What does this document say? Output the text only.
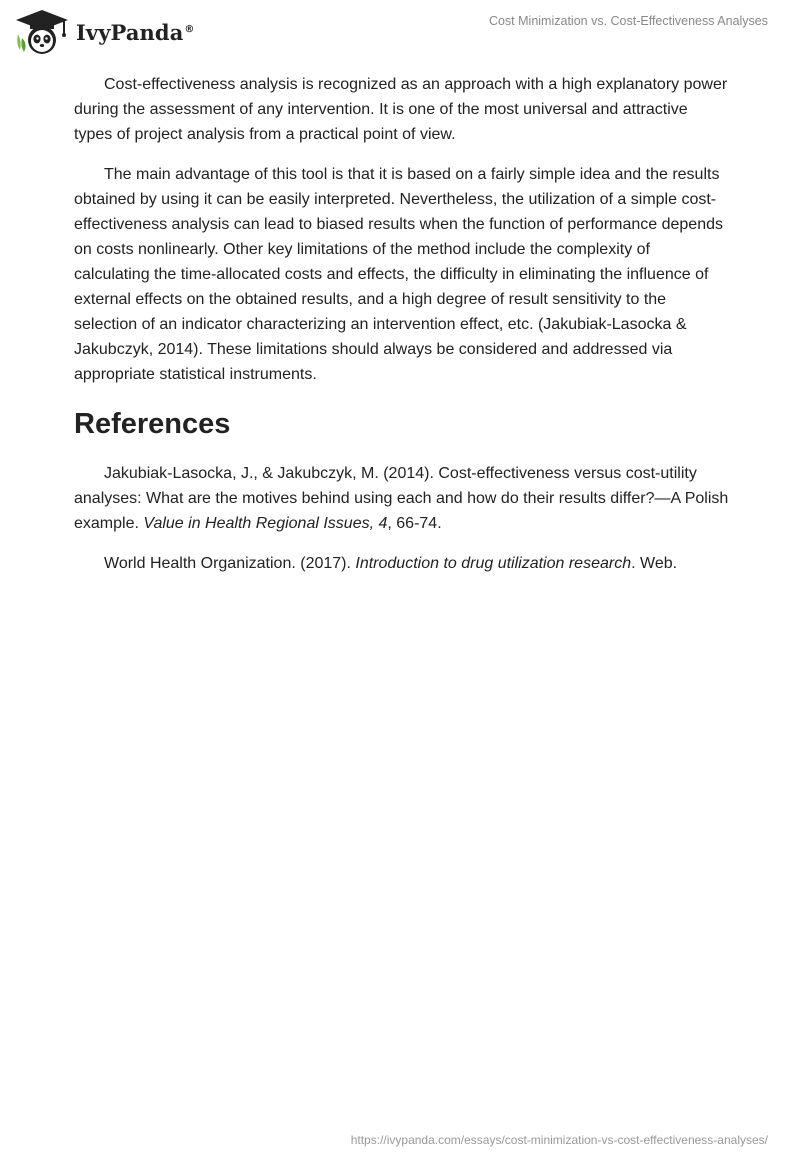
IvyPanda®
Cost Minimization vs. Cost-Effectiveness Analyses

Cost-effectiveness analysis is recognized as an approach with a high explanatory power during the assessment of any intervention. It is one of the most universal and attractive types of project analysis from a practical point of view.

The main advantage of this tool is that it is based on a fairly simple idea and the results obtained by using it can be easily interpreted. Nevertheless, the utilization of a simple cost-effectiveness analysis can lead to biased results when the function of performance depends on costs nonlinearly. Other key limitations of the method include the complexity of calculating the time-allocated costs and effects, the difficulty in eliminating the influence of external effects on the obtained results, and a high degree of result sensitivity to the selection of an indicator characterizing an intervention effect, etc. (Jakubiak-Lasocka & Jakubczyk, 2014). These limitations should always be considered and addressed via appropriate statistical instruments.

References

Jakubiak-Lasocka, J., & Jakubczyk, M. (2014). Cost-effectiveness versus cost-utility analyses: What are the motives behind using each and how do their results differ?—A Polish example. Value in Health Regional Issues, 4, 66-74.

World Health Organization. (2017). Introduction to drug utilization research. Web.

https://ivypanda.com/essays/cost-minimization-vs-cost-effectiveness-analyses/
